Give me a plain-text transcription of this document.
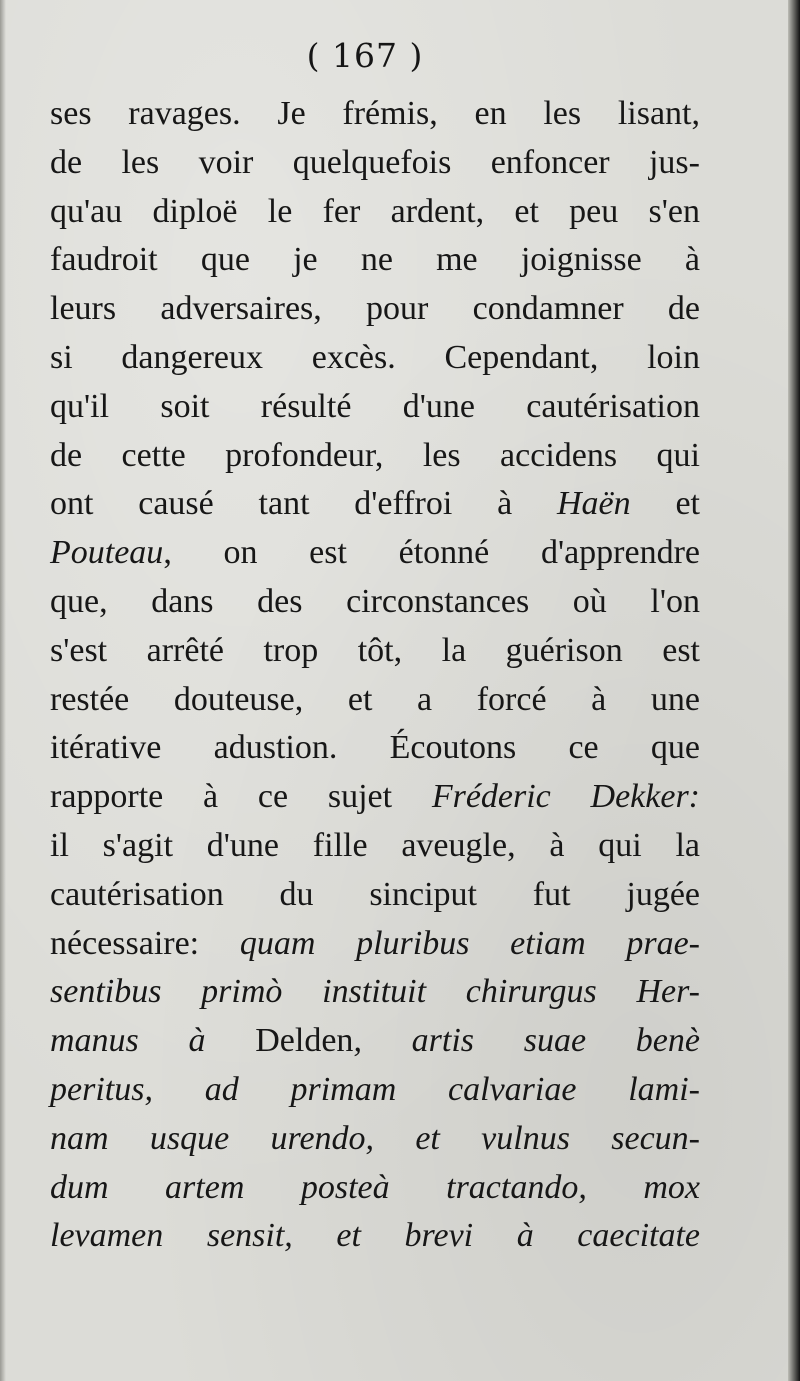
( 167 )
ses ravages. Je frémis, en les lisant,
de les voir quelquefois enfoncer jus-
qu'au diploë le fer ardent, et peu s'en
faudroit que je ne me joignisse à
leurs adversaires, pour condamner de
si dangereux excès. Cependant, loin
qu'il soit résulté d'une cautérisation
de cette profondeur, les accidens qui
ont causé tant d'effroi à Haën et
Pouteau, on est étonné d'apprendre
que, dans des circonstances où l'on
s'est arrêté trop tôt, la guérison est
restée douteuse, et a forcé à une
itérative adustion. Écoutons ce que
rapporte à ce sujet Fréderic Dekker:
il s'agit d'une fille aveugle, à qui la
cautérisation du sinciput fut jugée
nécessaire: quam pluribus etiam prae-
sentibus primò instituit chirurgus Her-
manus à Delden, artis suae benè
peritus, ad primam calvariae lami-
nam usque urendo, et vulnus secun-
dum artem posteà tractando, mox
levamen sensit, et brevi à caecitate
